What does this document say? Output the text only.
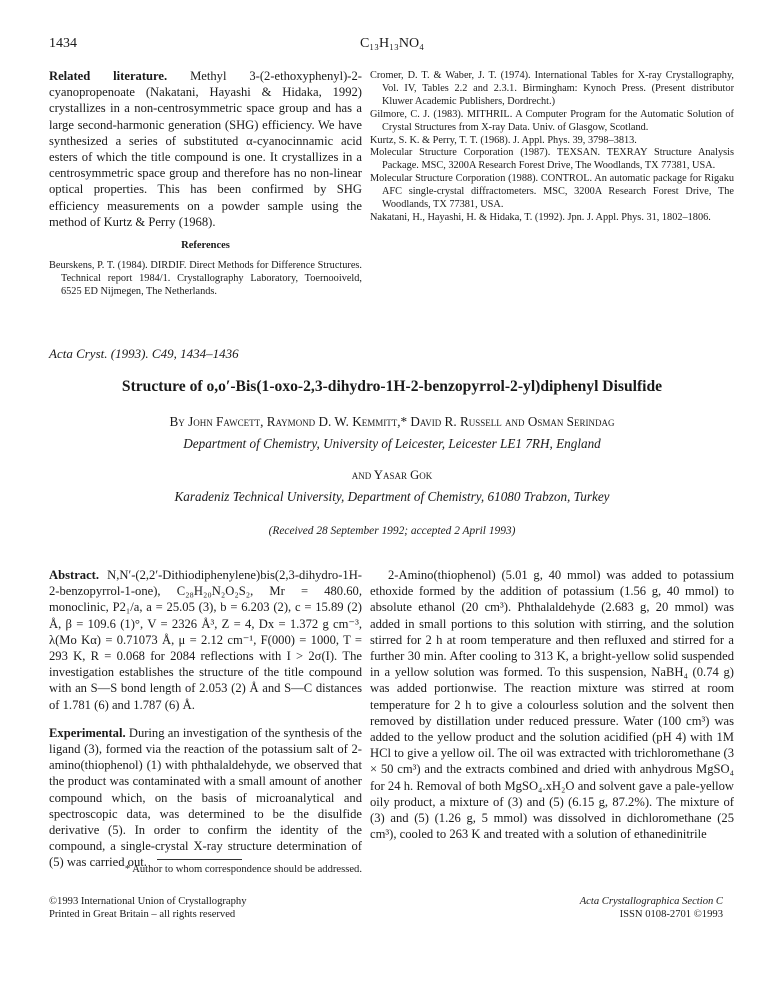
1434	C₁₃H₁₃NO₄

Related literature. Methyl 3-(2-ethoxyphenyl)-2-cyanopropenoate (Nakatani, Hayashi & Hidaka, 1992) crystallizes in a non-centrosymmetric space group and has a large second-harmonic generation (SHG) efficiency. We have synthesized a series of substituted α-cyanocinnamic acid esters of which the title compound is one. It crystallizes in a centrosymmetric space group and therefore has no non-linear optical properties. This has been confirmed by SHG efficiency measurements on a powder sample using the method of Kurtz & Perry (1968).

References

Beurskens, P. T. (1984). DIRDIF. Direct Methods for Difference Structures. Technical report 1984/1. Crystallography Laboratory, Toernooiveld, 6525 ED Nijmegen, The Netherlands.

Cromer, D. T. & Waber, J. T. (1974). International Tables for X-ray Crystallography, Vol. IV, Tables 2.2 and 2.3.1. Birmingham: Kynoch Press. (Present distributor Kluwer Academic Publishers, Dordrecht.)

Gilmore, C. J. (1983). MITHRIL. A Computer Program for the Automatic Solution of Crystal Structures from X-ray Data. Univ. of Glasgow, Scotland.

Kurtz, S. K. & Perry, T. T. (1968). J. Appl. Phys. 39, 3798–3813.

Molecular Structure Corporation (1987). TEXSAN. TEXRAY Structure Analysis Package. MSC, 3200A Research Forest Drive, The Woodlands, TX 77381, USA.

Molecular Structure Corporation (1988). CONTROL. An automatic package for Rigaku AFC single-crystal diffractometers. MSC, 3200A Research Forest Drive, The Woodlands, TX 77381, USA.

Nakatani, H., Hayashi, H. & Hidaka, T. (1992). Jpn. J. Appl. Phys. 31, 1802–1806.

Acta Cryst. (1993). C49, 1434–1436
Structure of o,o′-Bis(1-oxo-2,3-dihydro-1H-2-benzopyrrol-2-yl)diphenyl Disulfide
By John Fawcett, Raymond D. W. Kemmitt,* David R. Russell and Osman Serindag
Department of Chemistry, University of Leicester, Leicester LE1 7RH, England
and Yasar Gok
Karadeniz Technical University, Department of Chemistry, 61080 Trabzon, Turkey
(Received 28 September 1992; accepted 2 April 1993)

Abstract. N,N′-(2,2′-Dithiodiphenylene)bis(2,3-dihydro-1H-2-benzopyrrol-1-one), C₂₈H₂₀N₂O₂S₂, Mr = 480.60, monoclinic, P2₁/a, a = 25.05 (3), b = 6.203 (2), c = 15.89 (2) Å, β = 109.6 (1)°, V = 2326 Å³, Z = 4, Dx = 1.372 g cm⁻³, λ(Mo Kα) = 0.71073 Å, μ = 2.12 cm⁻¹, F(000) = 1000, T = 293 K, R = 0.068 for 2084 reflections with I > 2σ(I). The investigation establishes the structure of the title compound with an S—S bond length of 2.053 (2) Å and S—C distances of 1.781 (6) and 1.787 (6) Å.

Experimental. During an investigation of the synthesis of the ligand (3), formed via the reaction of the potassium salt of 2-amino(thiophenol) (1) with phthalaldehyde, we observed that the product was contaminated with a small amount of another compound which, on the basis of microanalytical and spectroscopic data, was determined to be the disulfide derivative (5). In order to confirm the identity of the compound, a single-crystal X-ray structure determination of (5) was carried out.

2-Amino(thiophenol) (5.01 g, 40 mmol) was added to potassium ethoxide formed by the addition of potassium (1.56 g, 40 mmol) to absolute ethanol (20 cm³). Phthalaldehyde (2.683 g, 20 mmol) was added in small portions to this solution with stirring, and the solution stirred for 2 h at room temperature and then refluxed and stirred for a further 30 min. After cooling to 313 K, a bright-yellow solid suspended in a yellow solution was formed. To this suspension, NaBH₄ (0.74 g) was added portionwise. The reaction mixture was stirred at room temperature for 2 h to give a colourless solution and the solvent then removed by distillation under reduced pressure. Water (100 cm³) was added to the yellow product and the solution acidified (pH 4) with 1M HCl to give a yellow oil. The oil was extracted with trichloromethane (3 × 50 cm³) and the extracts combined and dried with anhydrous MgSO₄ for 24 h. Removal of both MgSO₄.xH₂O and solvent gave a pale-yellow oily product, a mixture of (3) and (5) (6.15 g, 87.2%). The mixture of (3) and (5) (1.26 g, 5 mmol) was dissolved in dichloromethane (25 cm³), cooled to 263 K and treated with a solution of ethanedinitrile

* Author to whom correspondence should be addressed.
©1993 International Union of Crystallography
Printed in Great Britain – all rights reserved
Acta Crystallographica Section C
ISSN 0108-2701 ©1993
